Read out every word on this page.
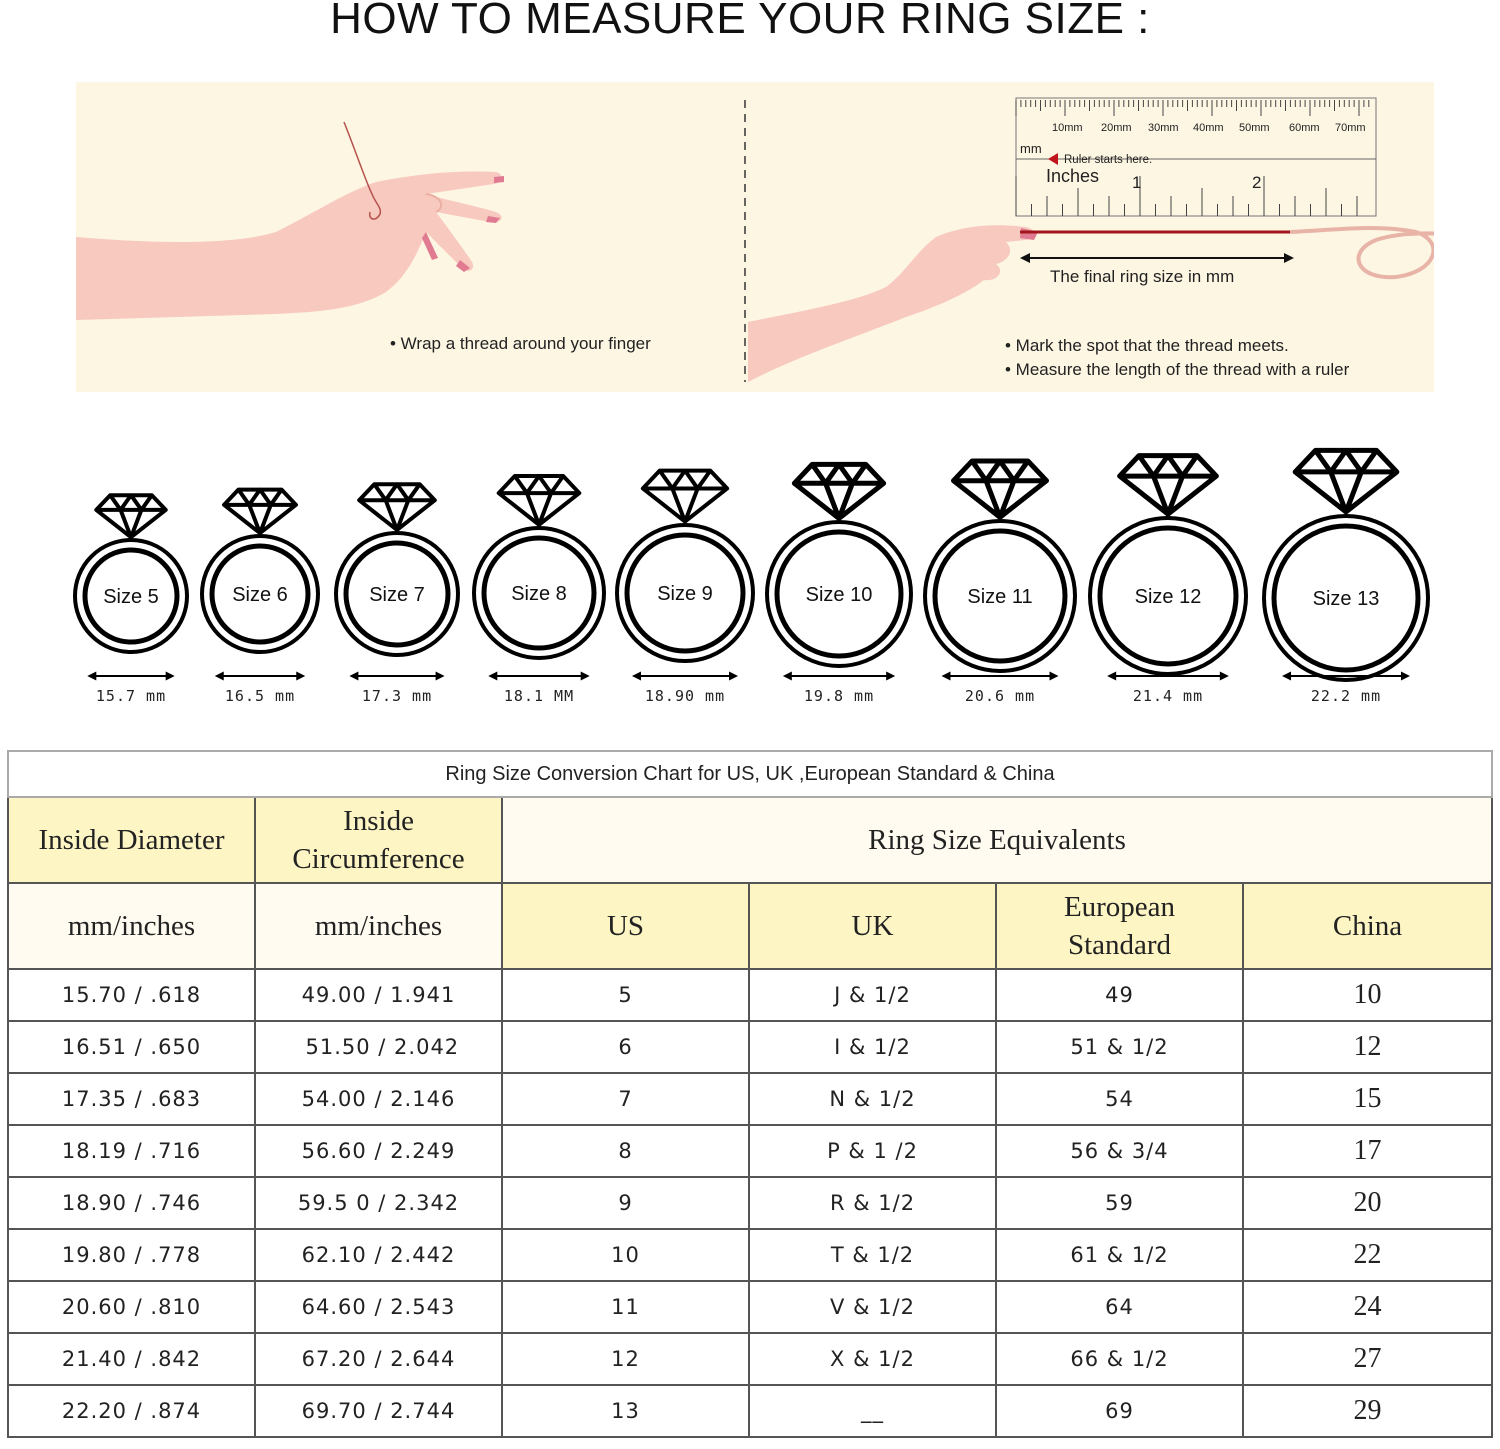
HOW TO MEASURE YOUR RING SIZE :
mm
Ruler starts here.
Inches 1	2
10mm 20mm 30mm 40mm 50mm 60mm 70mm
The final ring size in mm
• Wrap a thread around your finger	• Mark the spot that the thread meets.
• Measure the length of the thread with a ruler
Size 5
15.7 mm
Size 6
16.5 mm
Size 7
17.3 mm
Size 8
18.1 MM
Size 9
18.90 mm
Size 10
19.8 mm
Size 11
20.6 mm
Size 12
21.4 mm
Size 13
22.2 mm
Ring Size Conversion Chart for US, UK ,European Standard & China					
Inside Diameter	Inside
Circumference	Ring Size Equivalents			
mm/inches	mm/inches	US	UK	European
Standard	China
15.70 / .618	49.00 / 1.941	5	J & 1/2	49	10
16.51 / .650	51.50 / 2.042	6	I & 1/2	51 & 1/2	12
17.35 / .683	54.00 / 2.146	7	N & 1/2	54	15
18.19 / .716	56.60 / 2.249	8	P & 1 /2	56 & 3/4	17
18.90 / .746	59.5 0 / 2.342	9	R & 1/2	59	20
19.80 / .778	62.10 / 2.442	10	T & 1/2	61 & 1/2	22
20.60 / .810	64.60 / 2.543	11	V & 1/2	64	24
21.40 / .842	67.20 / 2.644	12	X & 1/2	66 & 1/2	27
22.20 / .874	69.70 / 2.744	13	__	69	29
